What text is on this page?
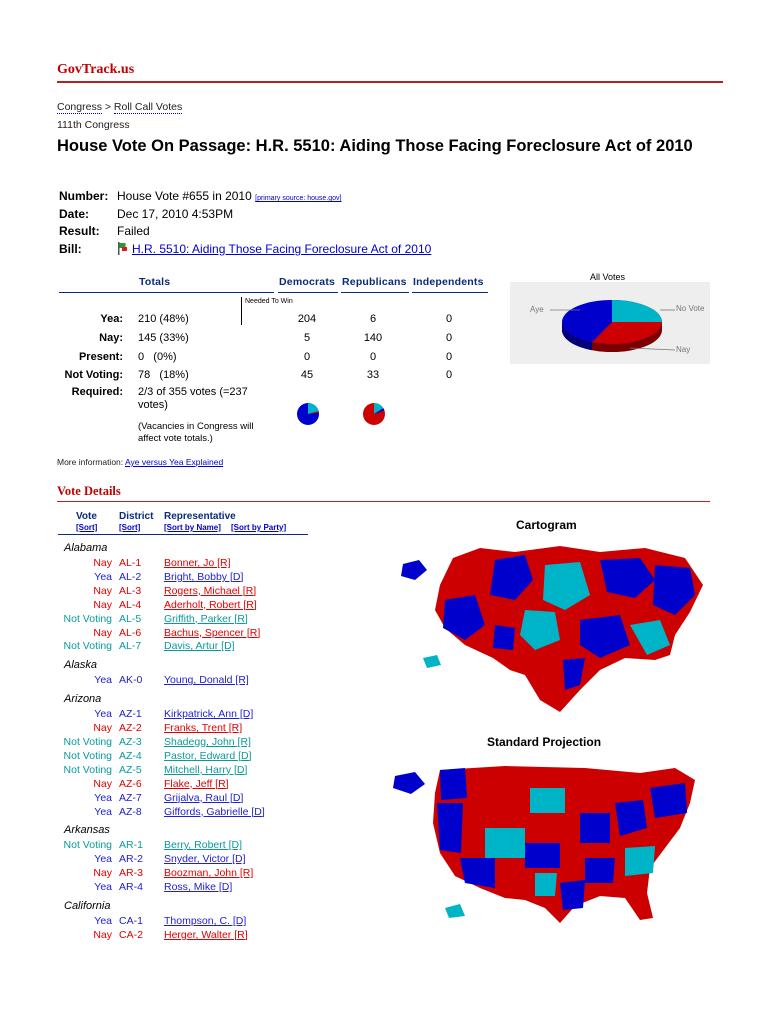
GovTrack.us
Congress > Roll Call Votes
111th Congress
House Vote On Passage: H.R. 5510: Aiding Those Facing Foreclosure Act of 2010
Number: House Vote #655 in 2010 [primary source: house.gov]
Date: Dec 17, 2010 4:53PM
Result: Failed
Bill:	H.R. 5510: Aiding Those Facing Foreclosure Act of 2010
Totals	Democrats Republicans Independents
Needed To Win
Yea: 210 (48%)	204	6	0
Nay: 145 (33%)	5	140	0
Present: 0   (0%)	0	0	0
Not Voting: 78   (18%)	45	33	0
Required: 2/3 of 355 votes (=237 votes)
(Vacancies in Congress will affect vote totals.)
All Votes
Aye	No Vote
Nay
More information: Aye versus Yea Explained
Vote Details
Vote
[Sort]
District
[Sort]
Representative
[Sort by Name] [Sort by Party]
Alabama
Nay AL-1 Bonner, Jo [R]
Yea AL-2 Bright, Bobby [D]
Nay AL-3 Rogers, Michael [R]
Nay AL-4 Aderholt, Robert [R]
Not Voting AL-5 Griffith, Parker [R]
Nay AL-6 Bachus, Spencer [R]
Not Voting AL-7 Davis, Artur [D]
Alaska
Yea AK-0 Young, Donald [R]
Arizona
Yea AZ-1 Kirkpatrick, Ann [D]
Nay AZ-2 Franks, Trent [R]
Not Voting AZ-3 Shadegg, John [R]
Not Voting AZ-4 Pastor, Edward [D]
Not Voting AZ-5 Mitchell, Harry [D]
Nay AZ-6 Flake, Jeff [R]
Yea AZ-7 Grijalva, Raul [D]
Yea AZ-8 Giffords, Gabrielle [D]
Arkansas
Not Voting AR-1 Berry, Robert [D]
Yea AR-2 Snyder, Victor [D]
Nay AR-3 Boozman, John [R]
Yea AR-4 Ross, Mike [D]
California
Yea CA-1 Thompson, C. [D]
Nay CA-2 Herger, Walter [R]
Cartogram
Standard Projection
